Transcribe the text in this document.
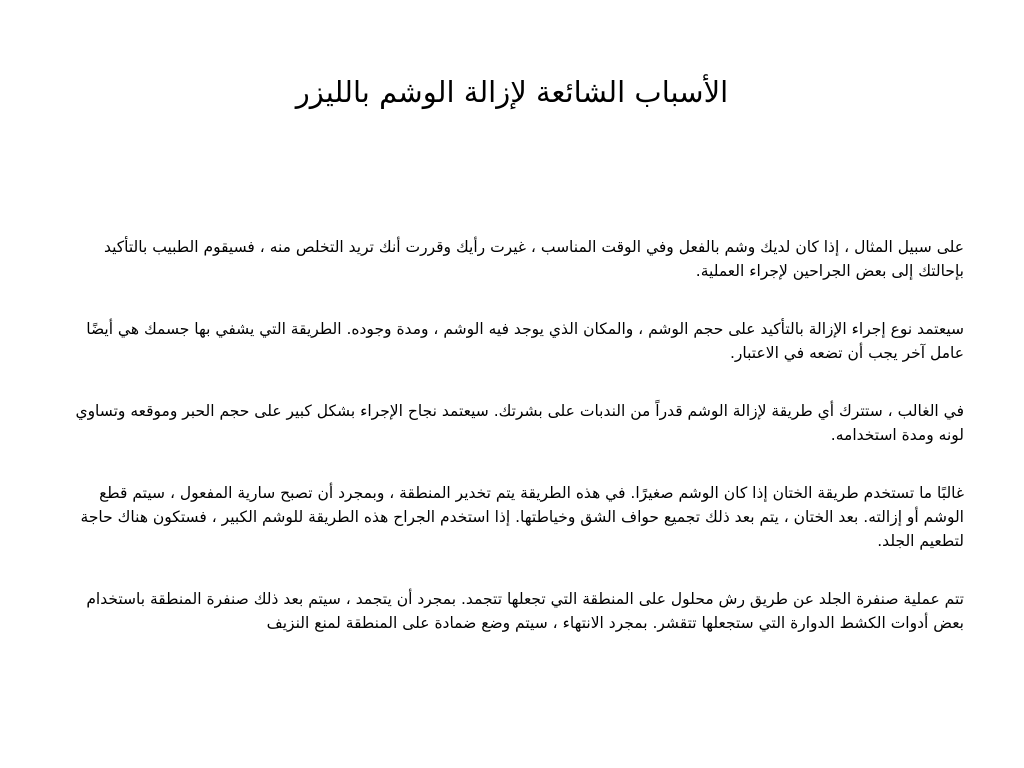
الأسباب الشائعة لإزالة الوشم بالليزر

على سبيل المثال ، إذا كان لديك وشم بالفعل وفي الوقت المناسب ، غيرت رأيك وقررت أنك تريد التخلص منه ، فسيقوم الطبيب بالتأكيد بإحالتك إلى بعض الجراحين لإجراء العملية.

سيعتمد نوع إجراء الإزالة بالتأكيد على حجم الوشم ، والمكان الذي يوجد فيه الوشم ، ومدة وجوده. الطريقة التي يشفي بها جسمك هي أيضًا عامل آخر يجب أن تضعه في الاعتبار.

في الغالب ، ستترك أي طريقة لإزالة الوشم قدراً من الندبات على بشرتك. سيعتمد نجاح الإجراء بشكل كبير على حجم الحبر وموقعه وتساوي لونه ومدة استخدامه.

غالبًا ما تستخدم طريقة الختان إذا كان الوشم صغيرًا. في هذه الطريقة يتم تخدير المنطقة ، وبمجرد أن تصبح سارية المفعول ، سيتم قطع الوشم أو إزالته. بعد الختان ، يتم بعد ذلك تجميع حواف الشق وخياطتها. إذا استخدم الجراح هذه الطريقة للوشم الكبير ، فستكون هناك حاجة لتطعيم الجلد.

تتم عملية صنفرة الجلد عن طريق رش محلول على المنطقة التي تجعلها تتجمد. بمجرد أن يتجمد ، سيتم بعد ذلك صنفرة المنطقة باستخدام بعض أدوات الكشط الدوارة التي ستجعلها تتقشر. بمجرد الانتهاء ، سيتم وضع ضمادة على المنطقة لمنع النزيف
